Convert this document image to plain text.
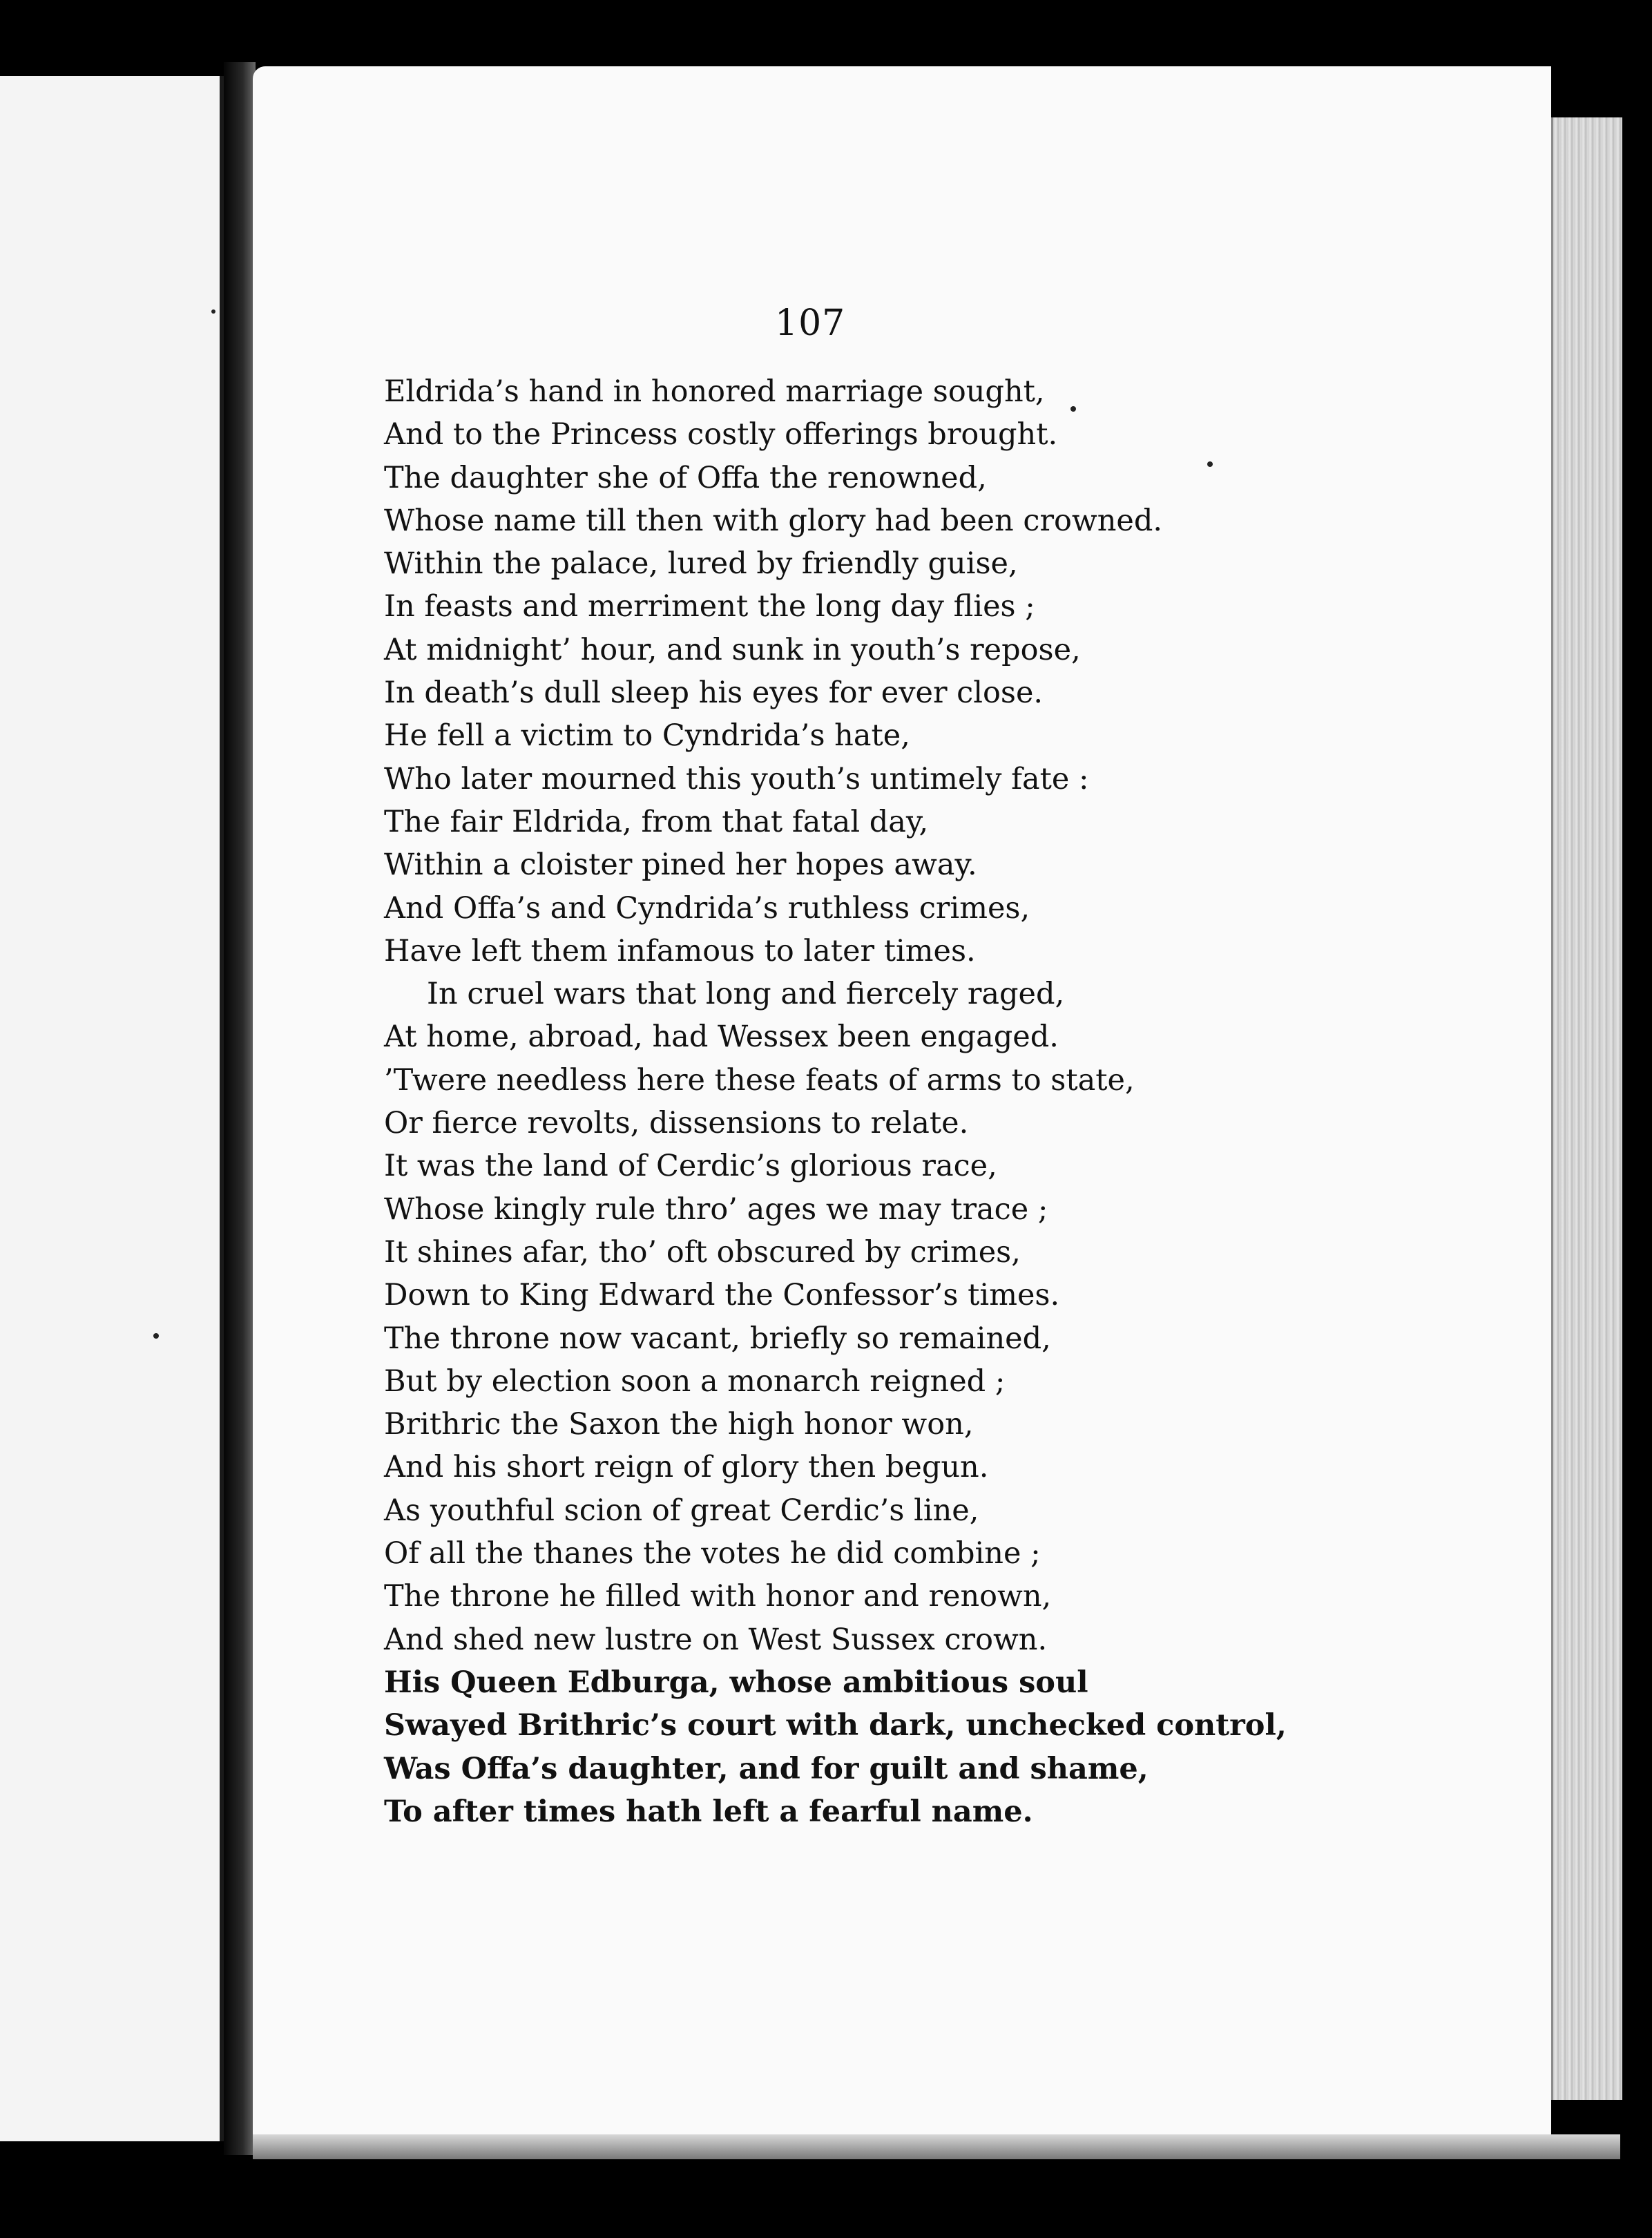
107
Eldrida’s hand in honored marriage sought,
And to the Princess costly offerings brought.
The daughter she of Offa the renowned,
Whose name till then with glory had been crowned.
Within the palace, lured by friendly guise,
In feasts and merriment the long day flies ;
At midnight’ hour, and sunk in youth’s repose,
In death’s dull sleep his eyes for ever close.
He fell a victim to Cyndrida’s hate,
Who later mourned this youth’s untimely fate :
The fair Eldrida, from that fatal day,
Within a cloister pined her hopes away.
And Offa’s and Cyndrida’s ruthless crimes,
Have left them infamous to later times.
In cruel wars that long and fiercely raged,
At home, abroad, had Wessex been engaged.
’Twere needless here these feats of arms to state,
Or fierce revolts, dissensions to relate.
It was the land of Cerdic’s glorious race,
Whose kingly rule thro’ ages we may trace ;
It shines afar, tho’ oft obscured by crimes,
Down to King Edward the Confessor’s times.
The throne now vacant, briefly so remained,
But by election soon a monarch reigned ;
Brithric the Saxon the high honor won,
And his short reign of glory then begun.
As youthful scion of great Cerdic’s line,
Of all the thanes the votes he did combine ;
The throne he filled with honor and renown,
And shed new lustre on West Sussex crown.
His Queen Edburga, whose ambitious soul
Swayed Brithric’s court with dark, unchecked control,
Was Offa’s daughter, and for guilt and shame,
To after times hath left a fearful name.
